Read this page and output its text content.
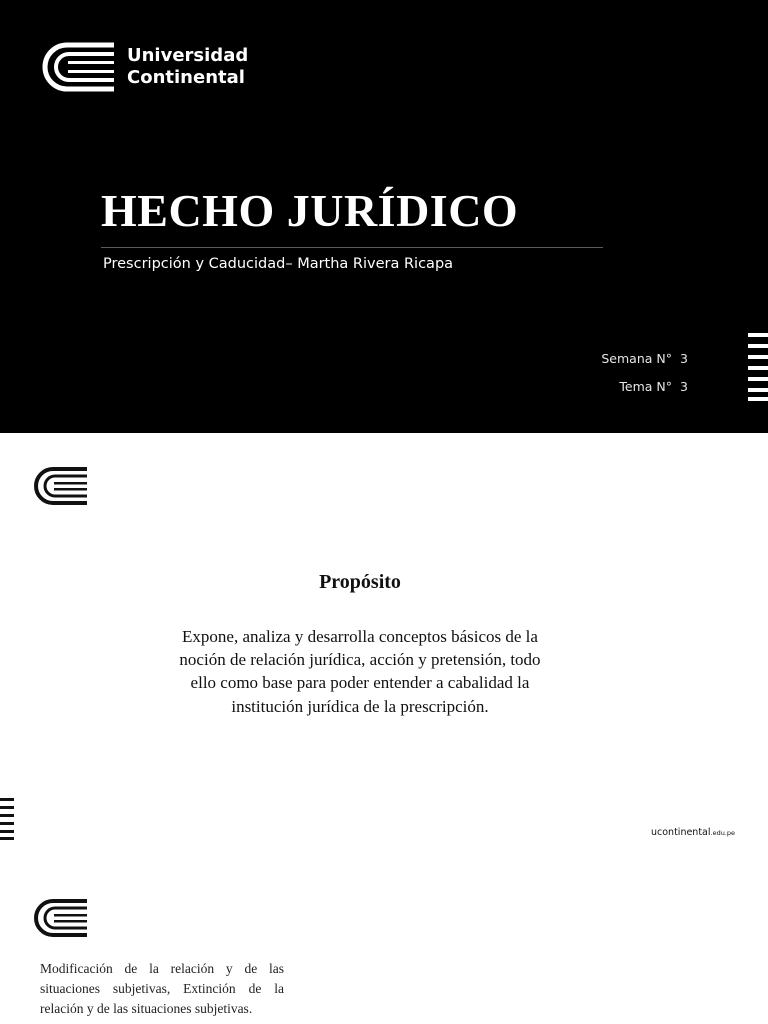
Universidad
Continental
HECHO JURÍDICO

Prescripción y Caducidad– Martha Rivera Ricapa

Semana N° 3
Tema N° 3
Propósito

Expone, analiza y desarrolla conceptos básicos de la noción de relación jurídica, acción y pretensión, todo ello como base para poder entender a cabalidad la institución jurídica de la prescripción.

ucontinental.edu.pe

Modificación de la relación y de las situaciones subjetivas, Extinción de la relación y de las situaciones subjetivas.
